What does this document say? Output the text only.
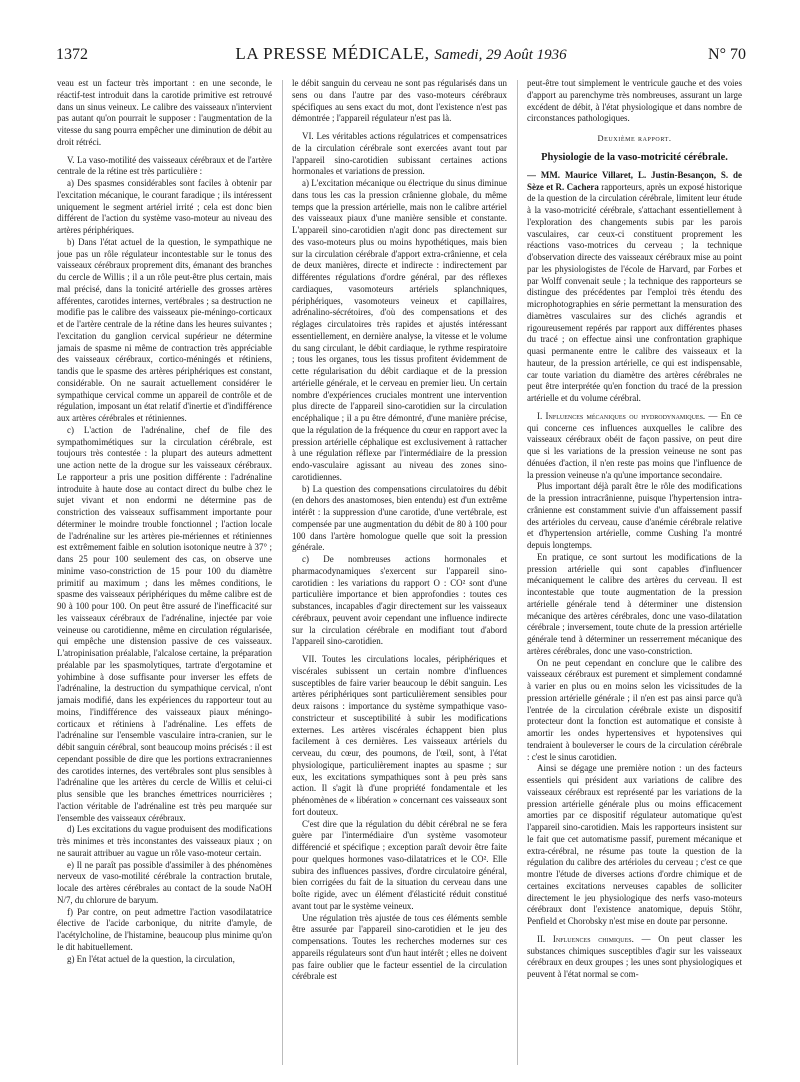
1372	LA PRESSE MÉDICALE, Samedi, 29 Août 1936	N° 70

veau est un facteur très important : en une seconde, le réactif-test introduit dans la carotide primitive est retrouvé dans un sinus veineux. Le calibre des vaisseaux n'intervient pas autant qu'on pourrait le supposer : l'augmentation de la vitesse du sang pourra empêcher une diminution de débit au droit rétréci.

V. La vaso-motilité des vaisseaux cérébraux et de l'artère centrale de la rétine est très particulière :

a) Des spasmes considérables sont faciles à obtenir par l'excitation mécanique, le courant faradique ; ils intéressent uniquement le segment artériel irrité ; cela est donc bien différent de l'action du système vaso-moteur au niveau des artères périphériques.

b) Dans l'état actuel de la question, le sympathique ne joue pas un rôle régulateur incontestable sur le tonus des vaisseaux cérébraux proprement dits, émanant des branches du cercle de Willis ; il a un rôle peut-être plus certain, mais mal précisé, dans la tonicité artérielle des grosses artères afférentes, carotides internes, vertébrales ; sa destruction ne modifie pas le calibre des vaisseaux pie-méningo-corticaux et de l'artère centrale de la rétine dans les heures suivantes ; l'excitation du ganglion cervical supérieur ne détermine jamais de spasme ni même de contraction très appréciable des vaisseaux cérébraux, cortico-méningés et rétiniens, tandis que le spasme des artères périphériques est constant, considérable. On ne saurait actuellement considérer le sympathique cervical comme un appareil de contrôle et de régulation, imposant un état relatif d'inertie et d'indifférence aux artères cérébrales et rétiniennes.

c) L'action de l'adrénaline, chef de file des sympathomimétiques sur la circulation cérébrale, est toujours très contestée : la plupart des auteurs admettent une action nette de la drogue sur les vaisseaux cérébraux. Le rapporteur a pris une position différente : l'adrénaline introduite à haute dose au contact direct du bulbe chez le sujet vivant et non endormi ne détermine pas de constriction des vaisseaux suffisamment importante pour déterminer le moindre trouble fonctionnel ; l'action locale de l'adrénaline sur les artères pie-mériennes et rétiniennes est extrêmement faible en solution isotonique neutre à 37° ; dans 25 pour 100 seulement des cas, on observe une minime vaso-constriction de 15 pour 100 du diamètre primitif au maximum ; dans les mêmes conditions, le spasme des vaisseaux périphériques du même calibre est de 90 à 100 pour 100. On peut être assuré de l'inefficacité sur les vaisseaux cérébraux de l'adrénaline, injectée par voie veineuse ou carotidienne, même en circulation régularisée, qui empêche une distension passive de ces vaisseaux. L'atropinisation préalable, l'alcalose certaine, la préparation préalable par les spasmolytiques, tartrate d'ergotamine et yohimbine à dose suffisante pour inverser les effets de l'adrénaline, la destruction du sympathique cervical, n'ont jamais modifié, dans les expériences du rapporteur tout au moins, l'indifférence des vaisseaux piaux méningo-corticaux et rétiniens à l'adrénaline. Les effets de l'adrénaline sur l'ensemble vasculaire intra-cranien, sur le débit sanguin cérébral, sont beaucoup moins précisés : il est cependant possible de dire que les portions extracraniennes des carotides internes, des vertébrales sont plus sensibles à l'adrénaline que les artères du cercle de Willis et celui-ci plus sensible que les branches émettrices nourricières ; l'action véritable de l'adrénaline est très peu marquée sur l'ensemble des vaisseaux cérébraux.

d) Les excitations du vague produisent des modifications très minimes et très inconstantes des vaisseaux piaux ; on ne saurait attribuer au vague un rôle vaso-moteur certain.

e) Il ne paraît pas possible d'assimiler à des phénomènes nerveux de vaso-motilité cérébrale la contraction brutale, locale des artères cérébrales au contact de la soude NaOH N/7, du chlorure de baryum.

f) Par contre, on peut admettre l'action vasodilatatrice élective de l'acide carbonique, du nitrite d'amyle, de l'acétylcholine, de l'histamine, beaucoup plus minime qu'on le dit habituellement.

g) En l'état actuel de la question, la circulation,

le débit sanguin du cerveau ne sont pas régularisés dans un sens ou dans l'autre par des vaso-moteurs cérébraux spécifiques au sens exact du mot, dont l'existence n'est pas démontrée ; l'appareil régulateur n'est pas là.

VI. Les véritables actions régulatrices et compensatrices de la circulation cérébrale sont exercées avant tout par l'appareil sino-carotidien subissant certaines actions hormonales et variations de pression.

a) L'excitation mécanique ou électrique du sinus diminue dans tous les cas la pression crânienne globale, du même temps que la pression artérielle, mais non le calibre artériel des vaisseaux piaux d'une manière sensible et constante. L'appareil sino-carotidien n'agit donc pas directement sur des vaso-moteurs plus ou moins hypothétiques, mais bien sur la circulation cérébrale d'apport extra-crânienne, et cela de deux manières, directe et indirecte : indirectement par différentes régulations d'ordre général, par des réflexes cardiaques, vasomoteurs artériels splanchniques, périphériques, vasomoteurs veineux et capillaires, adrénalino-sécrétoires, d'où des compensations et des réglages circulatoires très rapides et ajustés intéressant essentiellement, en dernière analyse, la vitesse et le volume du sang circulant, le débit cardiaque, le rythme respiratoire ; tous les organes, tous les tissus profitent évidemment de cette régularisation du débit cardiaque et de la pression artérielle générale, et le cerveau en premier lieu. Un certain nombre d'expériences cruciales montrent une intervention plus directe de l'appareil sino-carotidien sur la circulation encéphalique ; il a pu être démontré, d'une manière précise, que la régulation de la fréquence du cœur en rapport avec la pression artérielle céphalique est exclusivement à rattacher à une régulation réflexe par l'intermédiaire de la pression endo-vasculaire agissant au niveau des zones sino-carotidiennes.

b) La question des compensations circulatoires du débit (en dehors des anastomoses, bien entendu) est d'un extrême intérêt : la suppression d'une carotide, d'une vertébrale, est compensée par une augmentation du débit de 80 à 100 pour 100 dans l'artère homologue quelle que soit la pression générale.

c) De nombreuses actions hormonales et pharmacodynamiques s'exercent sur l'appareil sino-carotidien : les variations du rapport O : CO² sont d'une particulière importance et bien approfondies : toutes ces substances, incapables d'agir directement sur les vaisseaux cérébraux, peuvent avoir cependant une influence indirecte sur la circulation cérébrale en modifiant tout d'abord l'appareil sino-carotidien.

VII. Toutes les circulations locales, périphériques et viscérales subissent un certain nombre d'influences susceptibles de faire varier beaucoup le débit sanguin. Les artères périphériques sont particulièrement sensibles pour deux raisons : importance du système sympathique vaso-constricteur et susceptibilité à subir les modifications externes. Les artères viscérales échappent bien plus facilement à ces dernières. Les vaisseaux artériels du cerveau, du cœur, des poumons, de l'œil, sont, à l'état physiologique, particulièrement inaptes au spasme ; sur eux, les excitations sympathiques sont à peu près sans action. Il s'agit là d'une propriété fondamentale et les phénomènes de « libération » concernant ces vaisseaux sont fort douteux.

C'est dire que la régulation du débit cérébral ne se fera guère par l'intermédiaire d'un système vasomoteur différencié et spécifique ; exception paraît devoir être faite pour quelques hormones vaso-dilatatrices et le CO². Elle subira des influences passives, d'ordre circulatoire général, bien corrigées du fait de la situation du cerveau dans une boîte rigide, avec un élément d'élasticité réduit constitué avant tout par le système veineux.

Une régulation très ajustée de tous ces éléments semble être assurée par l'appareil sino-carotidien et le jeu des compensations. Toutes les recherches modernes sur ces appareils régulateurs sont d'un haut intérêt ; elles ne doivent pas faire oublier que le facteur essentiel de la circulation cérébrale est

peut-être tout simplement le ventricule gauche et des voies d'apport au parenchyme très nombreuses, assurant un large excédent de débit, à l'état physiologique et dans nombre de circonstances pathologiques.

Deuxième rapport.
Physiologie de la vaso-motricité cérébrale.

— MM. Maurice Villaret, L. Justin-Besançon, S. de Sèze et R. Cachera rapporteurs, après un exposé historique de la question de la circulation cérébrale, limitent leur étude à la vaso-motricité cérébrale, s'attachant essentiellement à l'exploration des changements subis par les parois vasculaires, car ceux-ci constituent proprement les réactions vaso-motrices du cerveau ; la technique d'observation directe des vaisseaux cérébraux mise au point par les physiologistes de l'école de Harvard, par Forbes et par Wolff convenait seule ; la technique des rapporteurs se distingue des précédentes par l'emploi très étendu des microphotographies en série permettant la mensuration des diamètres vasculaires sur des clichés agrandis et rigoureusement repérés par rapport aux différentes phases du tracé ; on effectue ainsi une confrontation graphique quasi permanente entre le calibre des vaisseaux et la hauteur, de la pression artérielle, ce qui est indispensable, car toute variation du diamètre des artères cérébrales ne peut être interprétée qu'en fonction du tracé de la pression artérielle et du volume cérébral.

I. Influences mécaniques ou hydrodynamiques. — En ce qui concerne ces influences auxquelles le calibre des vaisseaux cérébraux obéit de façon passive, on peut dire que si les variations de la pression veineuse ne sont pas dénuées d'action, il n'en reste pas moins que l'influence de la pression veineuse n'a qu'une importance secondaire.

Plus important déjà paraît être le rôle des modifications de la pression intracrânienne, puisque l'hypertension intra-crânienne est constamment suivie d'un affaissement passif des artérioles du cerveau, cause d'anémie cérébrale relative et d'hypertension artérielle, comme Cushing l'a montré depuis longtemps.

En pratique, ce sont surtout les modifications de la pression artérielle qui sont capables d'influencer mécaniquement le calibre des artères du cerveau. Il est incontestable que toute augmentation de la pression artérielle générale tend à déterminer une distension mécanique des artères cérébrales, donc une vaso-dilatation cérébrale ; inversement, toute chute de la pression artérielle générale tend à déterminer un resserrement mécanique des artères cérébrales, donc une vaso-constriction.

On ne peut cependant en conclure que le calibre des vaisseaux cérébraux est purement et simplement condamné à varier en plus ou en moins selon les vicissitudes de la pression artérielle générale ; il n'en est pas ainsi parce qu'à l'entrée de la circulation cérébrale existe un dispositif protecteur dont la fonction est automatique et consiste à amortir les ondes hypertensives et hypotensives qui tendraient à bouleverser le cours de la circulation cérébrale : c'est le sinus carotidien.

Ainsi se dégage une première notion : un des facteurs essentiels qui président aux variations de calibre des vaisseaux cérébraux est représenté par les variations de la pression artérielle générale plus ou moins efficacement amorties par ce dispositif régulateur automatique qu'est l'appareil sino-carotidien. Mais les rapporteurs insistent sur le fait que cet automatisme passif, purement mécanique et extra-cérébral, ne résume pas toute la question de la régulation du calibre des artérioles du cerveau ; c'est ce que montre l'étude de diverses actions d'ordre chimique et de certaines excitations nerveuses capables de solliciter directement le jeu physiologique des nerfs vaso-moteurs cérébraux dont l'existence anatomique, depuis Stöhr, Penfield et Chorobsky n'est mise en doute par personne.

II. Influences chimiques. — On peut classer les substances chimiques susceptibles d'agir sur les vaisseaux cérébraux en deux groupes ; les unes sont physiologiques et peuvent à l'état normal se com-
